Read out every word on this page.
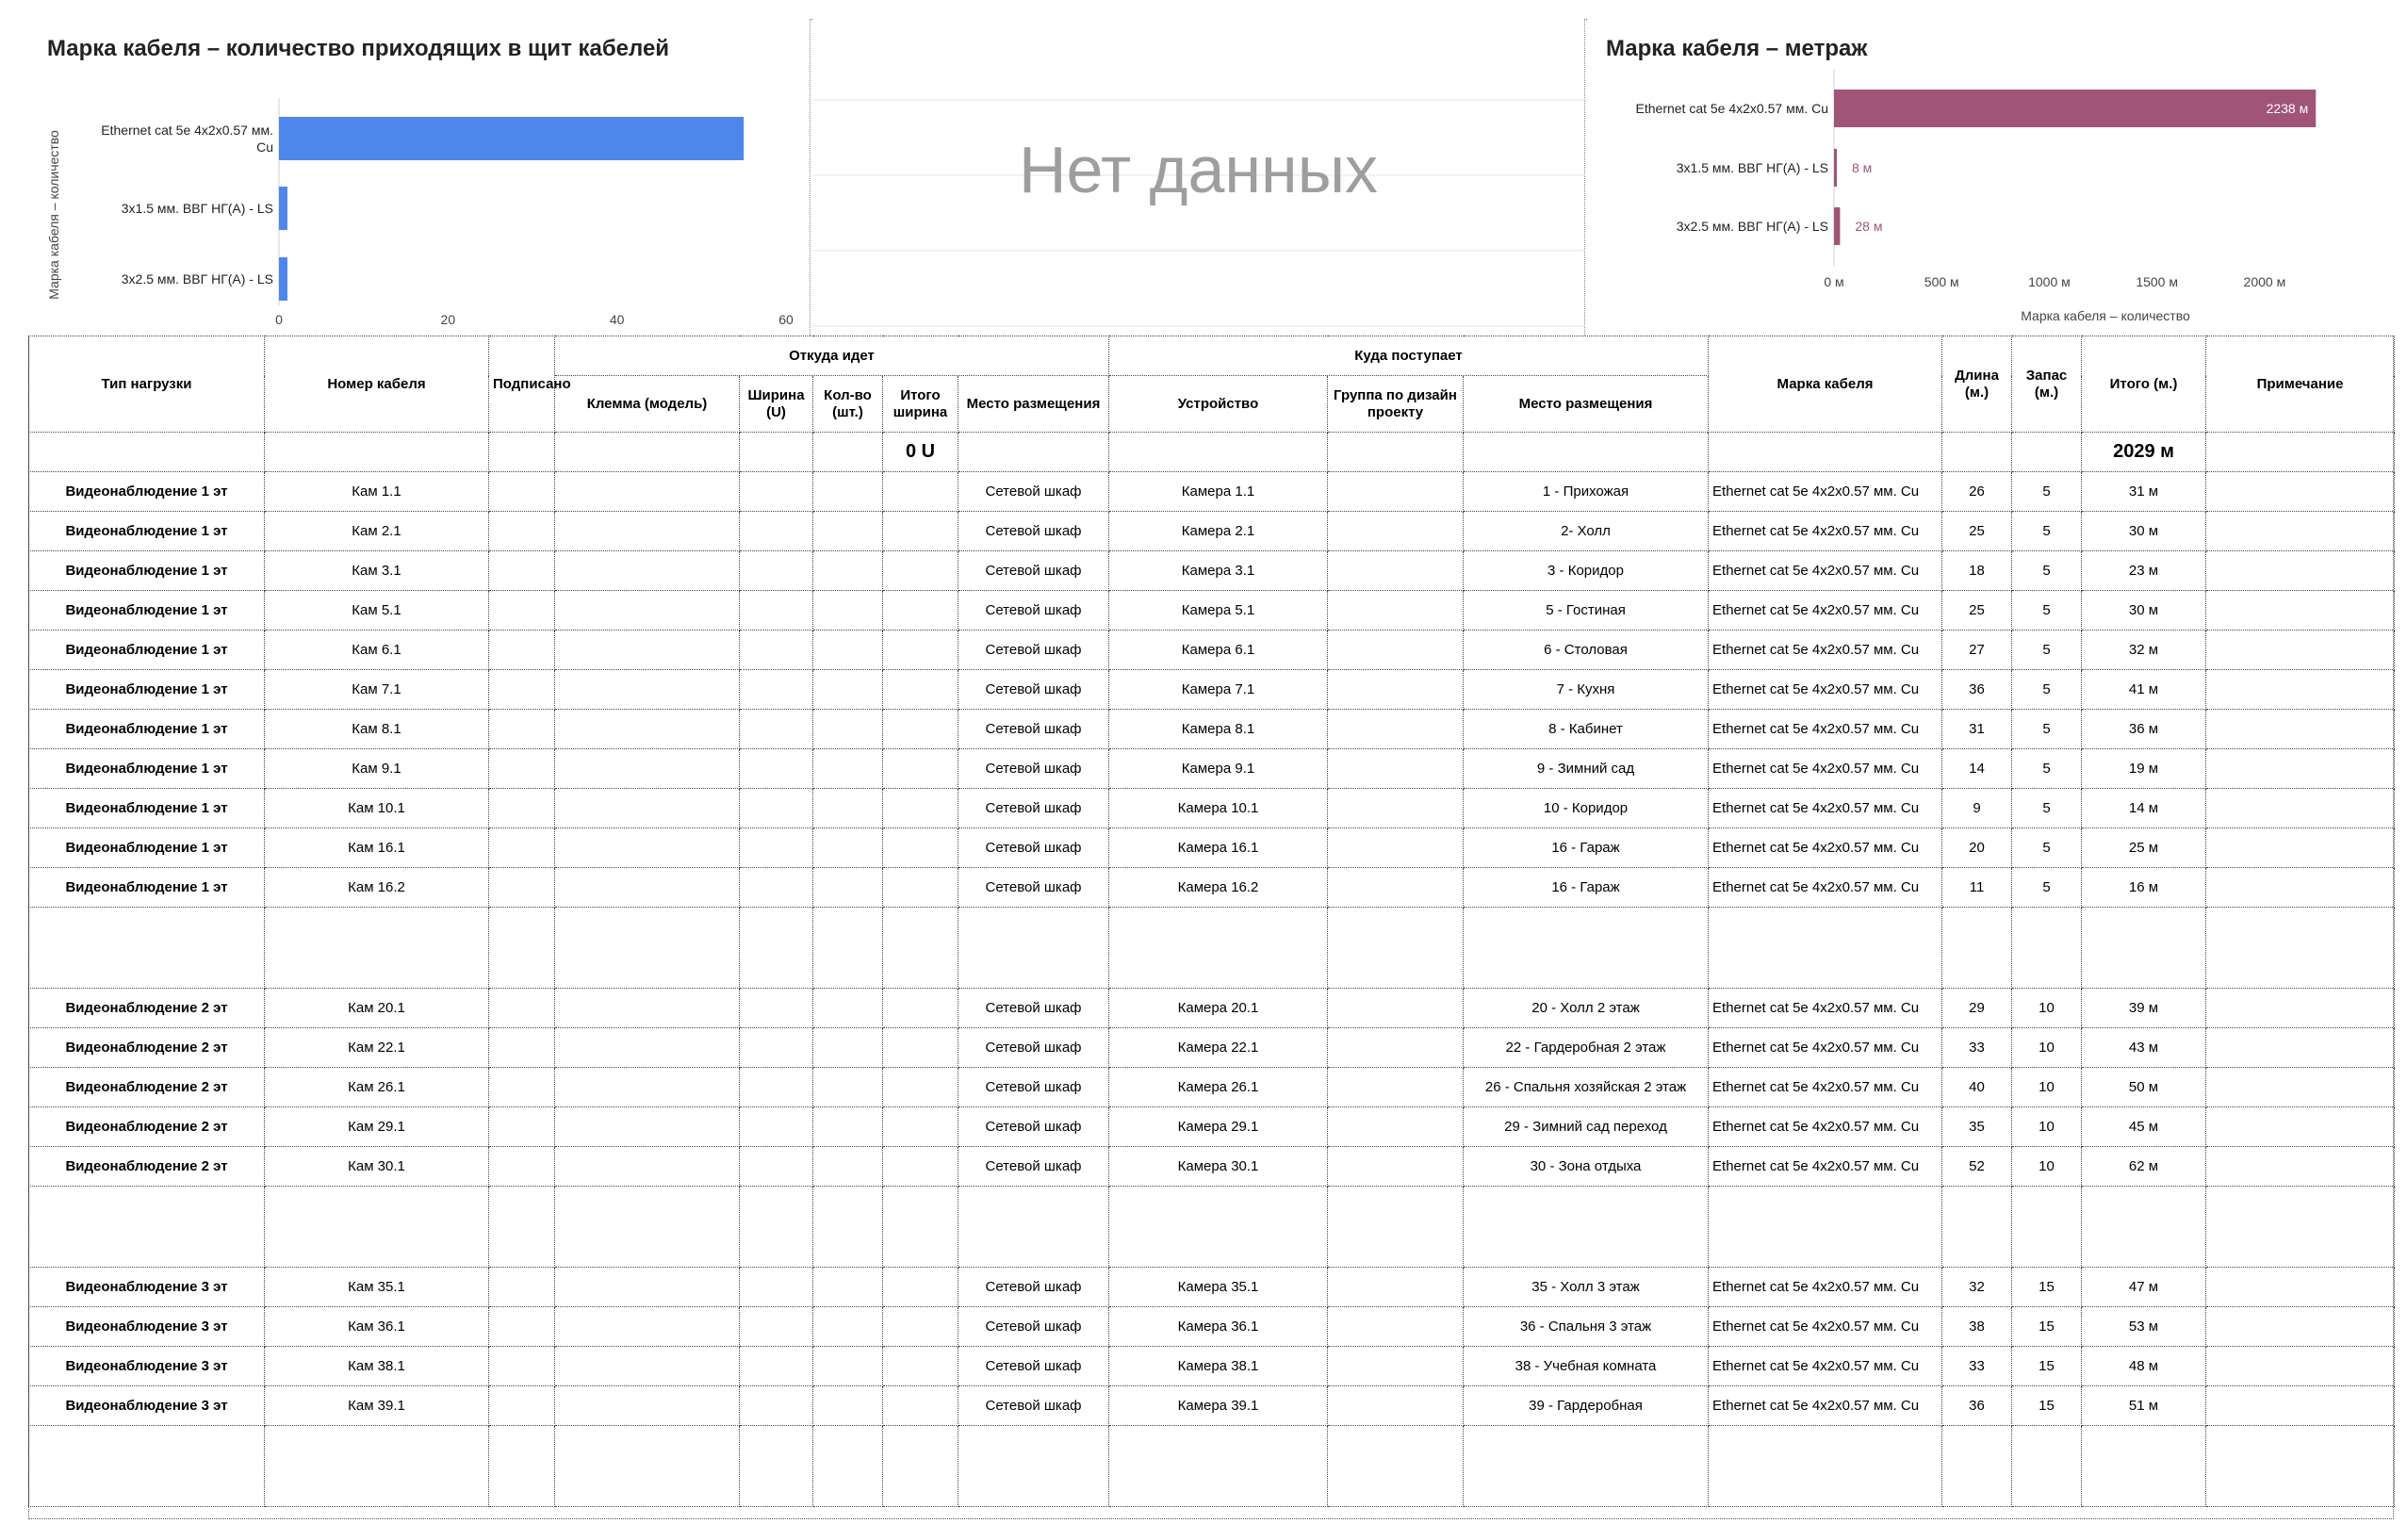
Марка кабеля – количество приходящих в щит кабелей
Марка кабеля – количество
0	20	40	60
Ethernet cat 5e 4x2x0.57 мм.
Cu
3x1.5 мм. ВВГ НГ(А) - LS
3x2.5 мм. ВВГ НГ(А) - LS
Нет данных
Марка кабеля – метраж
0 м	500 м	1000 м	1500 м	2000 м
Марка кабеля – количество
Ethernet cat 5e 4x2x0.57 мм. Cu	2238 м
3x1.5 мм. ВВГ НГ(А) - LS 8 м
3x2.5 мм. ВВГ НГ(А) - LS 28 м
Тип нагрузки	Номер кабеля	Подписано	Откуда идет					Куда поступает			Марка кабеля	Длина (м.)	Запас (м.)	Итого (м.)	Примечание
			Клемма (модель)	Ширина (U)	Кол-во (шт.)	Итого ширина	Место размещения	Устройство	Группа по дизайн проекту	Место размещения					
						0 U								2029 м	
Видеонаблюдение 1 эт	Кам 1.1						Сетевой шкаф	Камера 1.1		1 - Прихожая	Ethernet cat 5e 4x2x0.57 мм. Cu	26	5	31 м	
Видеонаблюдение 1 эт	Кам 2.1						Сетевой шкаф	Камера 2.1		2- Холл	Ethernet cat 5e 4x2x0.57 мм. Cu	25	5	30 м	
Видеонаблюдение 1 эт	Кам 3.1						Сетевой шкаф	Камера 3.1		3 - Коридор	Ethernet cat 5e 4x2x0.57 мм. Cu	18	5	23 м	
Видеонаблюдение 1 эт	Кам 5.1						Сетевой шкаф	Камера 5.1		5 - Гостиная	Ethernet cat 5e 4x2x0.57 мм. Cu	25	5	30 м	
Видеонаблюдение 1 эт	Кам 6.1						Сетевой шкаф	Камера 6.1		6 - Столовая	Ethernet cat 5e 4x2x0.57 мм. Cu	27	5	32 м	
Видеонаблюдение 1 эт	Кам 7.1						Сетевой шкаф	Камера 7.1		7 - Кухня	Ethernet cat 5e 4x2x0.57 мм. Cu	36	5	41 м	
Видеонаблюдение 1 эт	Кам 8.1						Сетевой шкаф	Камера 8.1		8 - Кабинет	Ethernet cat 5e 4x2x0.57 мм. Cu	31	5	36 м	
Видеонаблюдение 1 эт	Кам 9.1						Сетевой шкаф	Камера 9.1		9 - Зимний сад	Ethernet cat 5e 4x2x0.57 мм. Cu	14	5	19 м	
Видеонаблюдение 1 эт	Кам 10.1						Сетевой шкаф	Камера 10.1		10 - Коридор	Ethernet cat 5e 4x2x0.57 мм. Cu	9	5	14 м	
Видеонаблюдение 1 эт	Кам 16.1						Сетевой шкаф	Камера 16.1		16 - Гараж	Ethernet cat 5e 4x2x0.57 мм. Cu	20	5	25 м	
Видеонаблюдение 1 эт	Кам 16.2						Сетевой шкаф	Камера 16.2		16 - Гараж	Ethernet cat 5e 4x2x0.57 мм. Cu	11	5	16 м	

Видеонаблюдение 2 эт	Кам 20.1						Сетевой шкаф	Камера 20.1		20 - Холл 2 этаж	Ethernet cat 5e 4x2x0.57 мм. Cu	29	10	39 м	
Видеонаблюдение 2 эт	Кам 22.1						Сетевой шкаф	Камера 22.1		22 - Гардеробная 2 этаж	Ethernet cat 5e 4x2x0.57 мм. Cu	33	10	43 м	
Видеонаблюдение 2 эт	Кам 26.1						Сетевой шкаф	Камера 26.1		26 - Спальня хозяйская 2 этаж	Ethernet cat 5e 4x2x0.57 мм. Cu	40	10	50 м	
Видеонаблюдение 2 эт	Кам 29.1						Сетевой шкаф	Камера 29.1		29 - Зимний сад переход	Ethernet cat 5e 4x2x0.57 мм. Cu	35	10	45 м	
Видеонаблюдение 2 эт	Кам 30.1						Сетевой шкаф	Камера 30.1		30 - Зона отдыха	Ethernet cat 5e 4x2x0.57 мм. Cu	52	10	62 м	

Видеонаблюдение 3 эт	Кам 35.1						Сетевой шкаф	Камера 35.1		35 - Холл 3 этаж	Ethernet cat 5e 4x2x0.57 мм. Cu	32	15	47 м	
Видеонаблюдение 3 эт	Кам 36.1						Сетевой шкаф	Камера 36.1		36 - Спальня 3 этаж	Ethernet cat 5e 4x2x0.57 мм. Cu	38	15	53 м	
Видеонаблюдение 3 эт	Кам 38.1						Сетевой шкаф	Камера 38.1		38 - Учебная комната	Ethernet cat 5e 4x2x0.57 мм. Cu	33	15	48 м	
Видеонаблюдение 3 эт	Кам 39.1						Сетевой шкаф	Камера 39.1		39 - Гардеробная	Ethernet cat 5e 4x2x0.57 мм. Cu	36	15	51 м	
